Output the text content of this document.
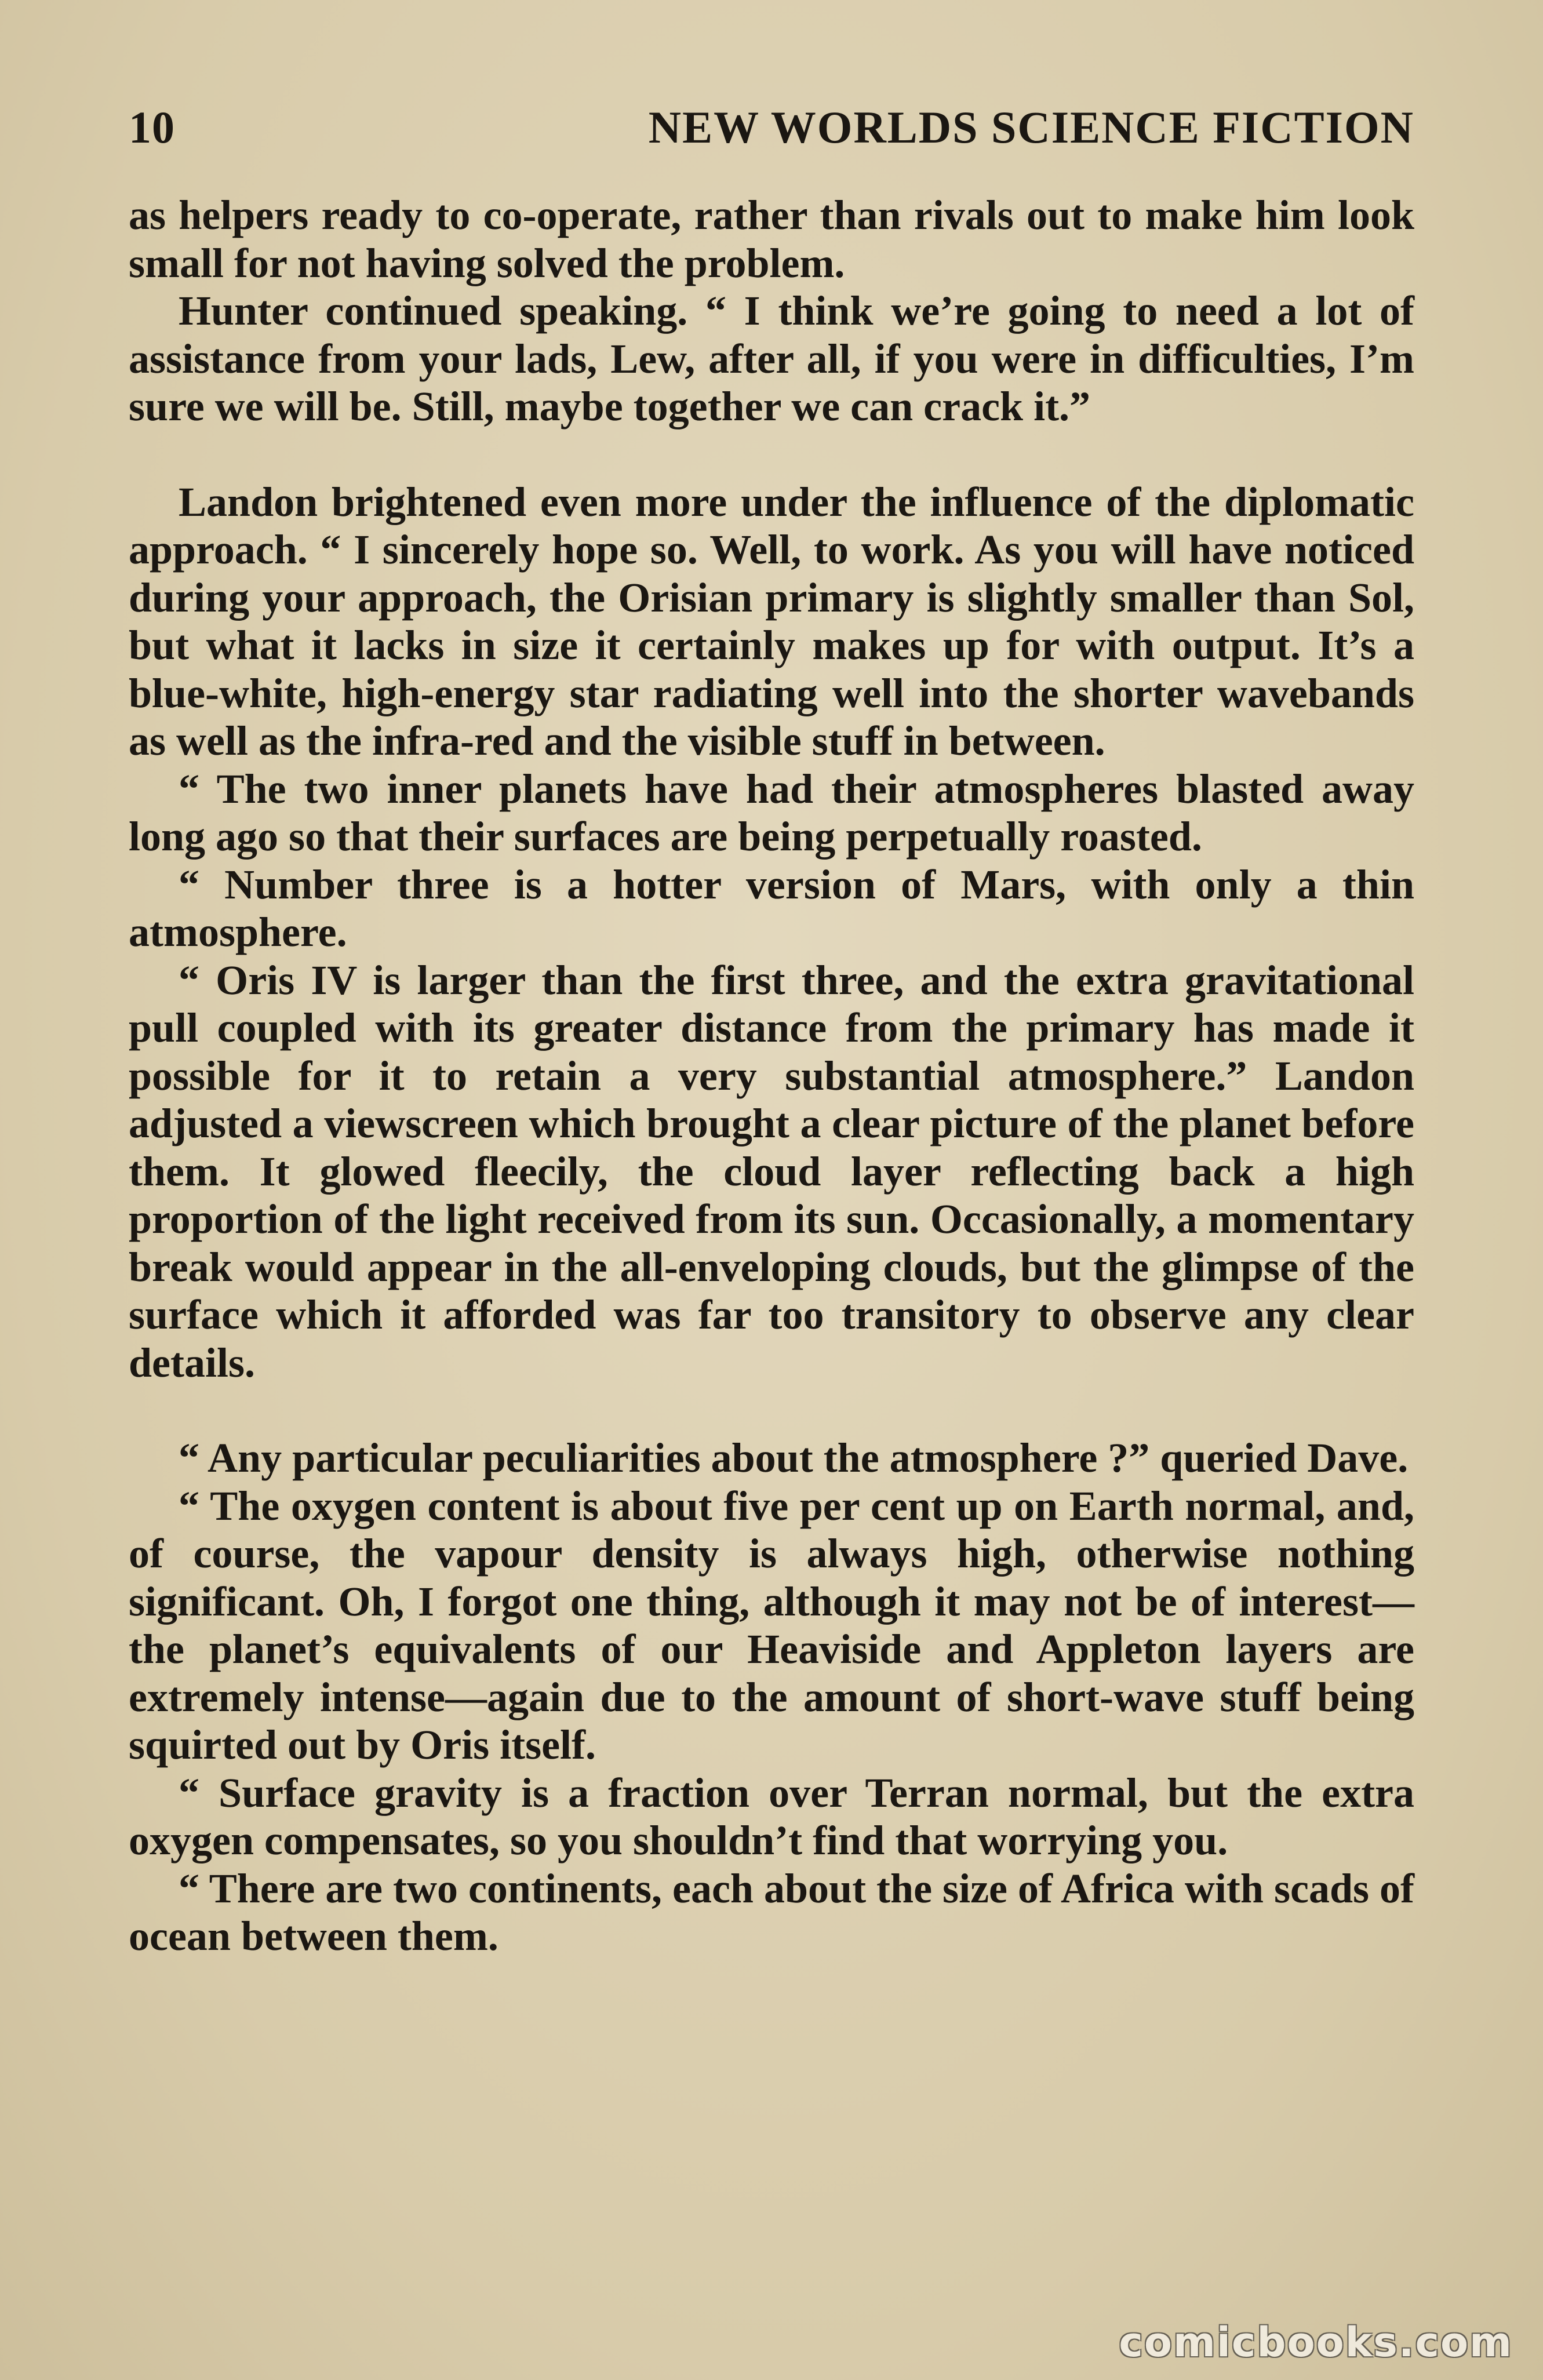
10	NEW WORLDS SCIENCE FICTION

as helpers ready to co-operate, rather than rivals out to make him look small for not having solved the problem.

Hunter continued speaking. “ I think we’re going to need a lot of assistance from your lads, Lew, after all, if you were in difficulties, I’m sure we will be. Still, maybe together we can crack it.”

Landon brightened even more under the influence of the diplomatic approach. “ I sincerely hope so. Well, to work. As you will have noticed during your approach, the Orisian primary is slightly smaller than Sol, but what it lacks in size it certainly makes up for with output. It’s a blue-white, high-energy star radiating well into the shorter wavebands as well as the infra-red and the visible stuff in between.

“ The two inner planets have had their atmospheres blasted away long ago so that their surfaces are being perpetually roasted.

“ Number three is a hotter version of Mars, with only a thin atmosphere.

“ Oris IV is larger than the first three, and the extra gravitational pull coupled with its greater distance from the primary has made it possible for it to retain a very substantial atmosphere.” Landon adjusted a viewscreen which brought a clear picture of the planet before them. It glowed fleecily, the cloud layer reflecting back a high proportion of the light received from its sun. Occasionally, a momentary break would appear in the all-enveloping clouds, but the glimpse of the surface which it afforded was far too transitory to observe any clear details.

“ Any particular peculiarities about the atmosphere ?” queried Dave.

“ The oxygen content is about five per cent up on Earth normal, and, of course, the vapour density is always high, otherwise nothing significant. Oh, I forgot one thing, although it may not be of interest—the planet’s equivalents of our Heaviside and Appleton layers are extremely intense—again due to the amount of short-wave stuff being squirted out by Oris itself.

“ Surface gravity is a fraction over Terran normal, but the extra oxygen compensates, so you shouldn’t find that worrying you.

“ There are two continents, each about the size of Africa with scads of ocean between them.

comicbooks.com
